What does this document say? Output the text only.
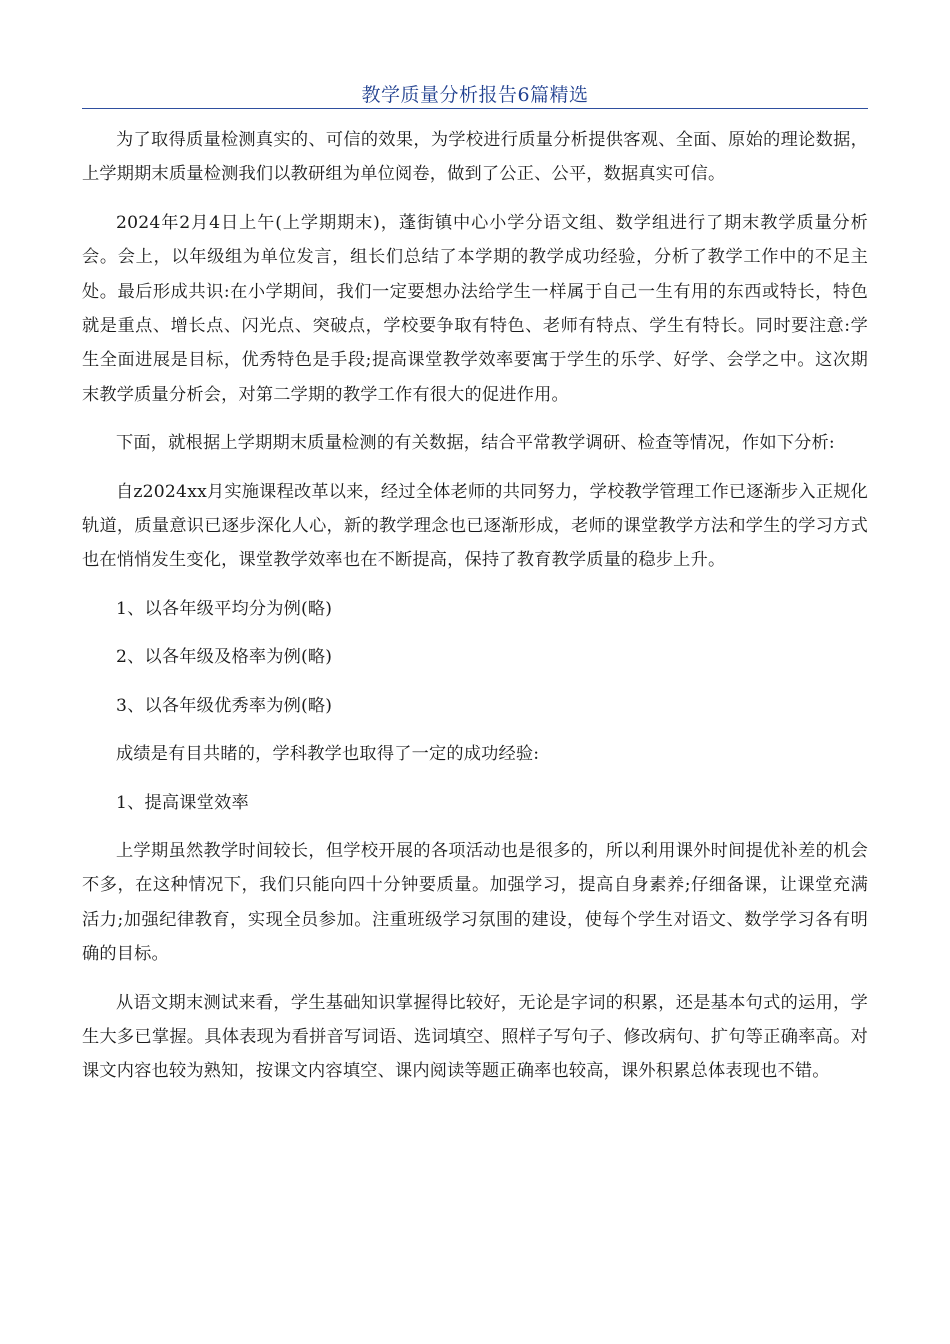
教学质量分析报告6篇精选

为了取得质量检测真实的、可信的效果，为学校进行质量分析提供客观、全面、原始的理论数据，上学期期末质量检测我们以教研组为单位阅卷，做到了公正、公平，数据真实可信。

2024年2月4日上午(上学期期末)，蓬街镇中心小学分语文组、数学组进行了期末教学质量分析会。会上，以年级组为单位发言，组长们总结了本学期的教学成功经验，分析了教学工作中的不足主处。最后形成共识:在小学期间，我们一定要想办法给学生一样属于自己一生有用的东西或特长，特色就是重点、增长点、闪光点、突破点，学校要争取有特色、老师有特点、学生有特长。同时要注意:学生全面进展是目标，优秀特色是手段;提高课堂教学效率要寓于学生的乐学、好学、会学之中。这次期末教学质量分析会，对第二学期的教学工作有很大的促进作用。

下面，就根据上学期期末质量检测的有关数据，结合平常教学调研、检查等情况，作如下分析:

自z2024xx月实施课程改革以来，经过全体老师的共同努力，学校教学管理工作已逐渐步入正规化轨道，质量意识已逐步深化人心，新的教学理念也已逐渐形成，老师的课堂教学方法和学生的学习方式也在悄悄发生变化，课堂教学效率也在不断提高，保持了教育教学质量的稳步上升。

1、以各年级平均分为例(略)

2、以各年级及格率为例(略)

3、以各年级优秀率为例(略)

成绩是有目共睹的，学科教学也取得了一定的成功经验:

1、提高课堂效率

上学期虽然教学时间较长，但学校开展的各项活动也是很多的，所以利用课外时间提优补差的机会不多，在这种情况下，我们只能向四十分钟要质量。加强学习，提高自身素养;仔细备课，让课堂充满活力;加强纪律教育，实现全员参加。注重班级学习氛围的建设，使每个学生对语文、数学学习各有明确的目标。

从语文期末测试来看，学生基础知识掌握得比较好，无论是字词的积累，还是基本句式的运用，学生大多已掌握。具体表现为看拼音写词语、选词填空、照样子写句子、修改病句、扩句等正确率高。对课文内容也较为熟知，按课文内容填空、课内阅读等题正确率也较高，课外积累总体表现也不错。
